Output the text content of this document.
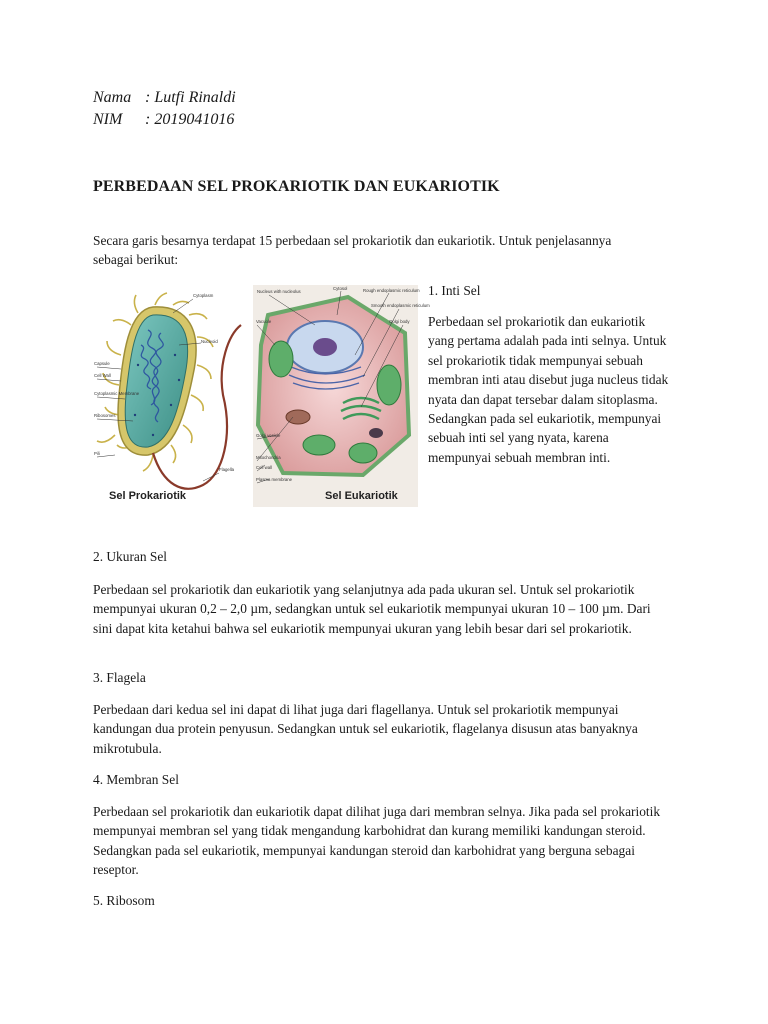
Nama : Lutfi Rinaldi
NIM	: 2019041016
PERBEDAAN SEL PROKARIOTIK DAN EUKARIOTIK

Secara garis besarnya terdapat 15 perbedaan sel prokariotik dan eukariotik. Untuk penjelasannya sebagai berikut:

Cytoplasm
Nucleoid
Capsule
Cell Wall
Cytoplasmic Membrane
Ribosomes
Pili
Flagella
Sel Prokariotik
Nucleus with nucleolus
Cytosol	Rough endoplasmic reticulum
Smooth endoplasmic reticulum
Vacuole
Golgi vesicle
Golgi body
Mitochondria
Cell wall
Plasma membrane
Sel Eukariotik
1. Inti Sel

Perbedaan sel prokariotik dan eukariotik yang pertama adalah pada inti selnya. Untuk sel prokariotik tidak mempunyai sebuah membran inti atau disebut juga nucleus tidak nyata dan dapat tersebar dalam sitoplasma. Sedangkan pada sel eukariotik, mempunyai sebuah inti sel yang nyata, karena mempunyai sebuah membran inti.

2. Ukuran Sel

Perbedaan sel prokariotik dan eukariotik yang selanjutnya ada pada ukuran sel. Untuk sel prokariotik mempunyai ukuran 0,2 – 2,0 µm, sedangkan untuk sel eukariotik mempunyai ukuran 10 – 100 µm. Dari sini dapat kita ketahui bahwa sel eukariotik mempunyai ukuran yang lebih besar dari sel prokariotik.

3. Flagela

Perbedaan dari kedua sel ini dapat di lihat juga dari flagellanya. Untuk sel prokariotik mempunyai kandungan dua protein penyusun. Sedangkan untuk sel eukariotik, flagelanya disusun atas banyaknya mikrotubula.

4. Membran Sel

Perbedaan sel prokariotik dan eukariotik dapat dilihat juga dari membran selnya. Jika pada sel prokariotik mempunyai membran sel yang tidak mengandung karbohidrat dan kurang memiliki kandungan steroid. Sedangkan pada sel eukariotik, mempunyai kandungan steroid dan karbohidrat yang berguna sebagai reseptor.

5. Ribosom
